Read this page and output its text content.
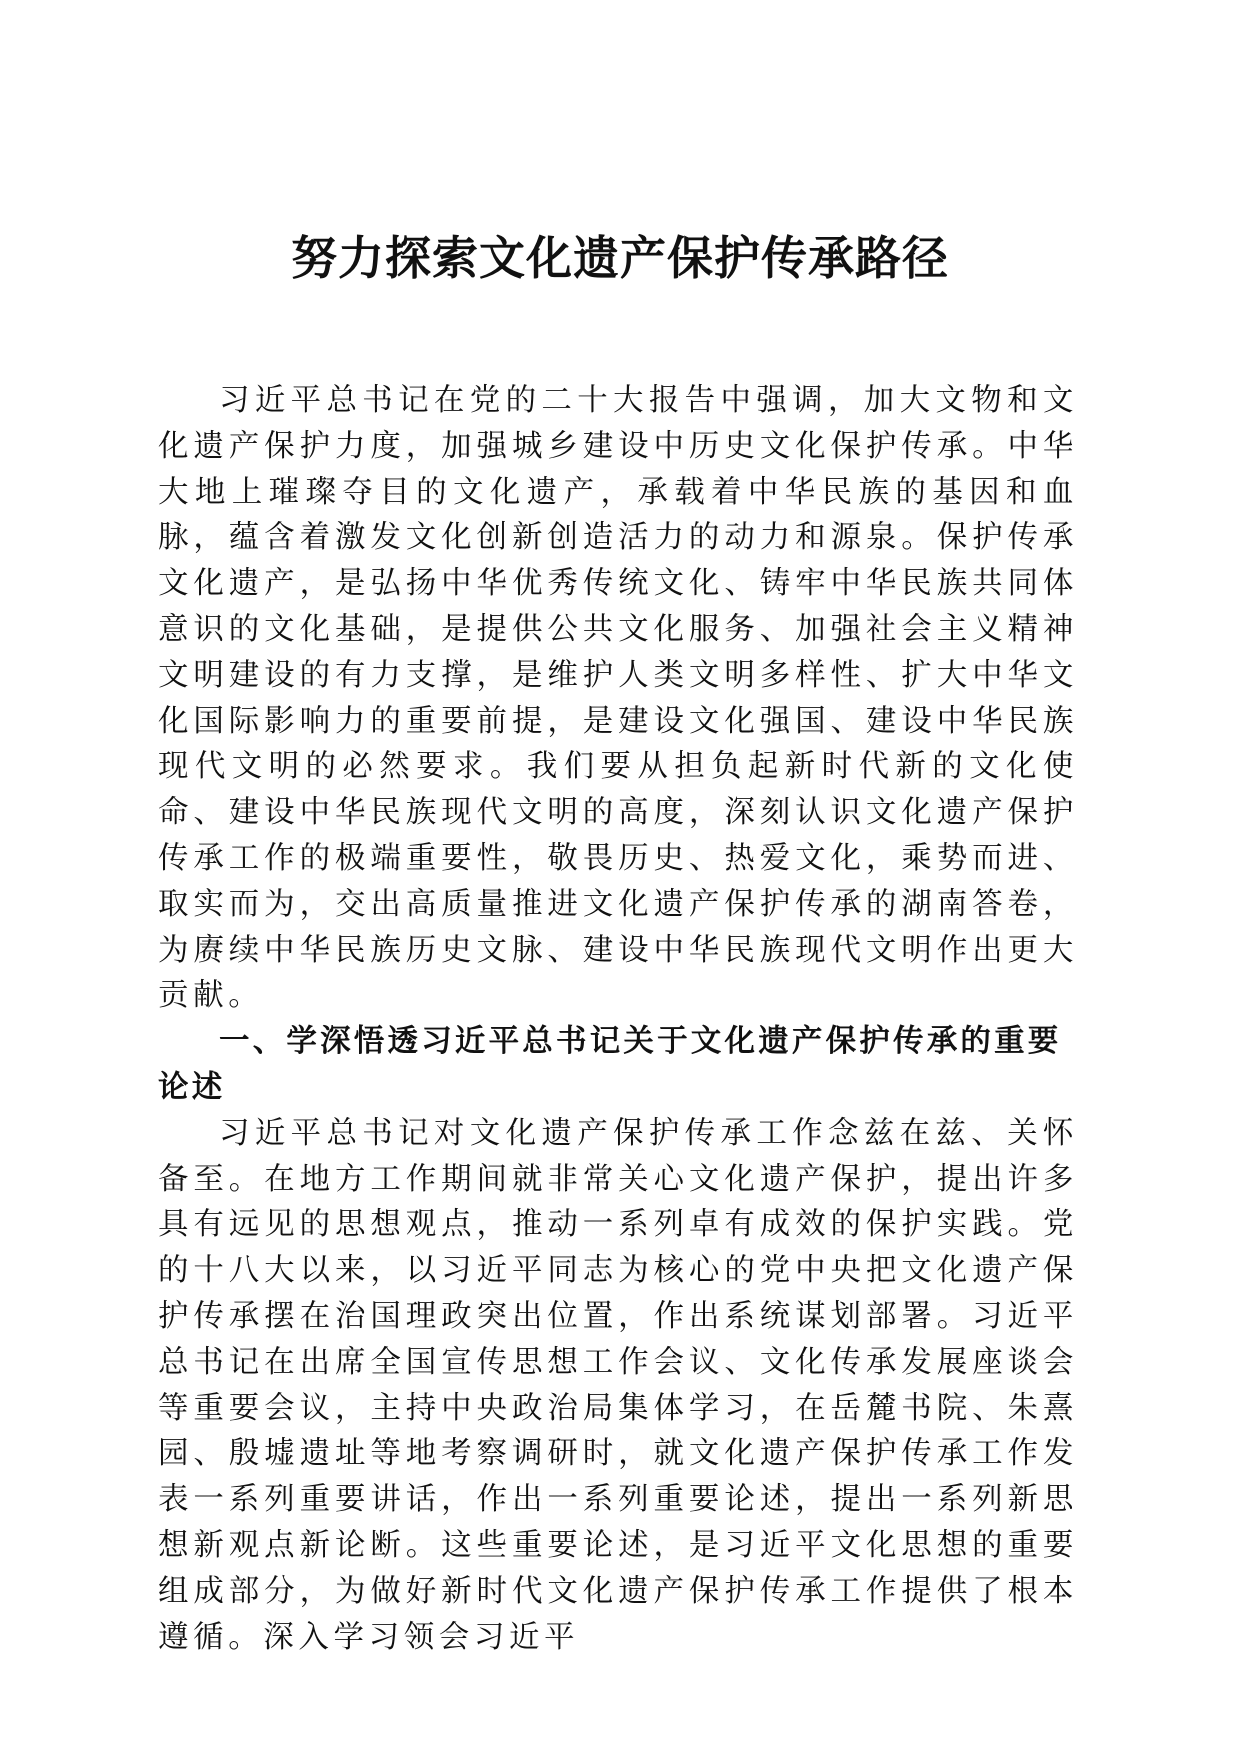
努力探索文化遗产保护传承路径

习近平总书记在党的二十大报告中强调，加大文物和文化遗产保护力度，加强城乡建设中历史文化保护传承。中华大地上璀璨夺目的文化遗产，承载着中华民族的基因和血脉，蕴含着激发文化创新创造活力的动力和源泉。保护传承文化遗产，是弘扬中华优秀传统文化、铸牢中华民族共同体意识的文化基础，是提供公共文化服务、加强社会主义精神文明建设的有力支撑，是维护人类文明多样性、扩大中华文化国际影响力的重要前提，是建设文化强国、建设中华民族现代文明的必然要求。我们要从担负起新时代新的文化使命、建设中华民族现代文明的高度，深刻认识文化遗产保护传承工作的极端重要性，敬畏历史、热爱文化，乘势而进、取实而为，交出高质量推进文化遗产保护传承的湖南答卷，为赓续中华民族历史文脉、建设中华民族现代文明作出更大贡献。

一、学深悟透习近平总书记关于文化遗产保护传承的重要论述

习近平总书记对文化遗产保护传承工作念兹在兹、关怀备至。在地方工作期间就非常关心文化遗产保护，提出许多具有远见的思想观点，推动一系列卓有成效的保护实践。党的十八大以来，以习近平同志为核心的党中央把文化遗产保护传承摆在治国理政突出位置，作出系统谋划部署。习近平总书记在出席全国宣传思想工作会议、文化传承发展座谈会等重要会议，主持中央政治局集体学习，在岳麓书院、朱熹园、殷墟遗址等地考察调研时，就文化遗产保护传承工作发表一系列重要讲话，作出一系列重要论述，提出一系列新思想新观点新论断。这些重要论述，是习近平文化思想的重要组成部分，为做好新时代文化遗产保护传承工作提供了根本遵循。深入学习领会习近平
